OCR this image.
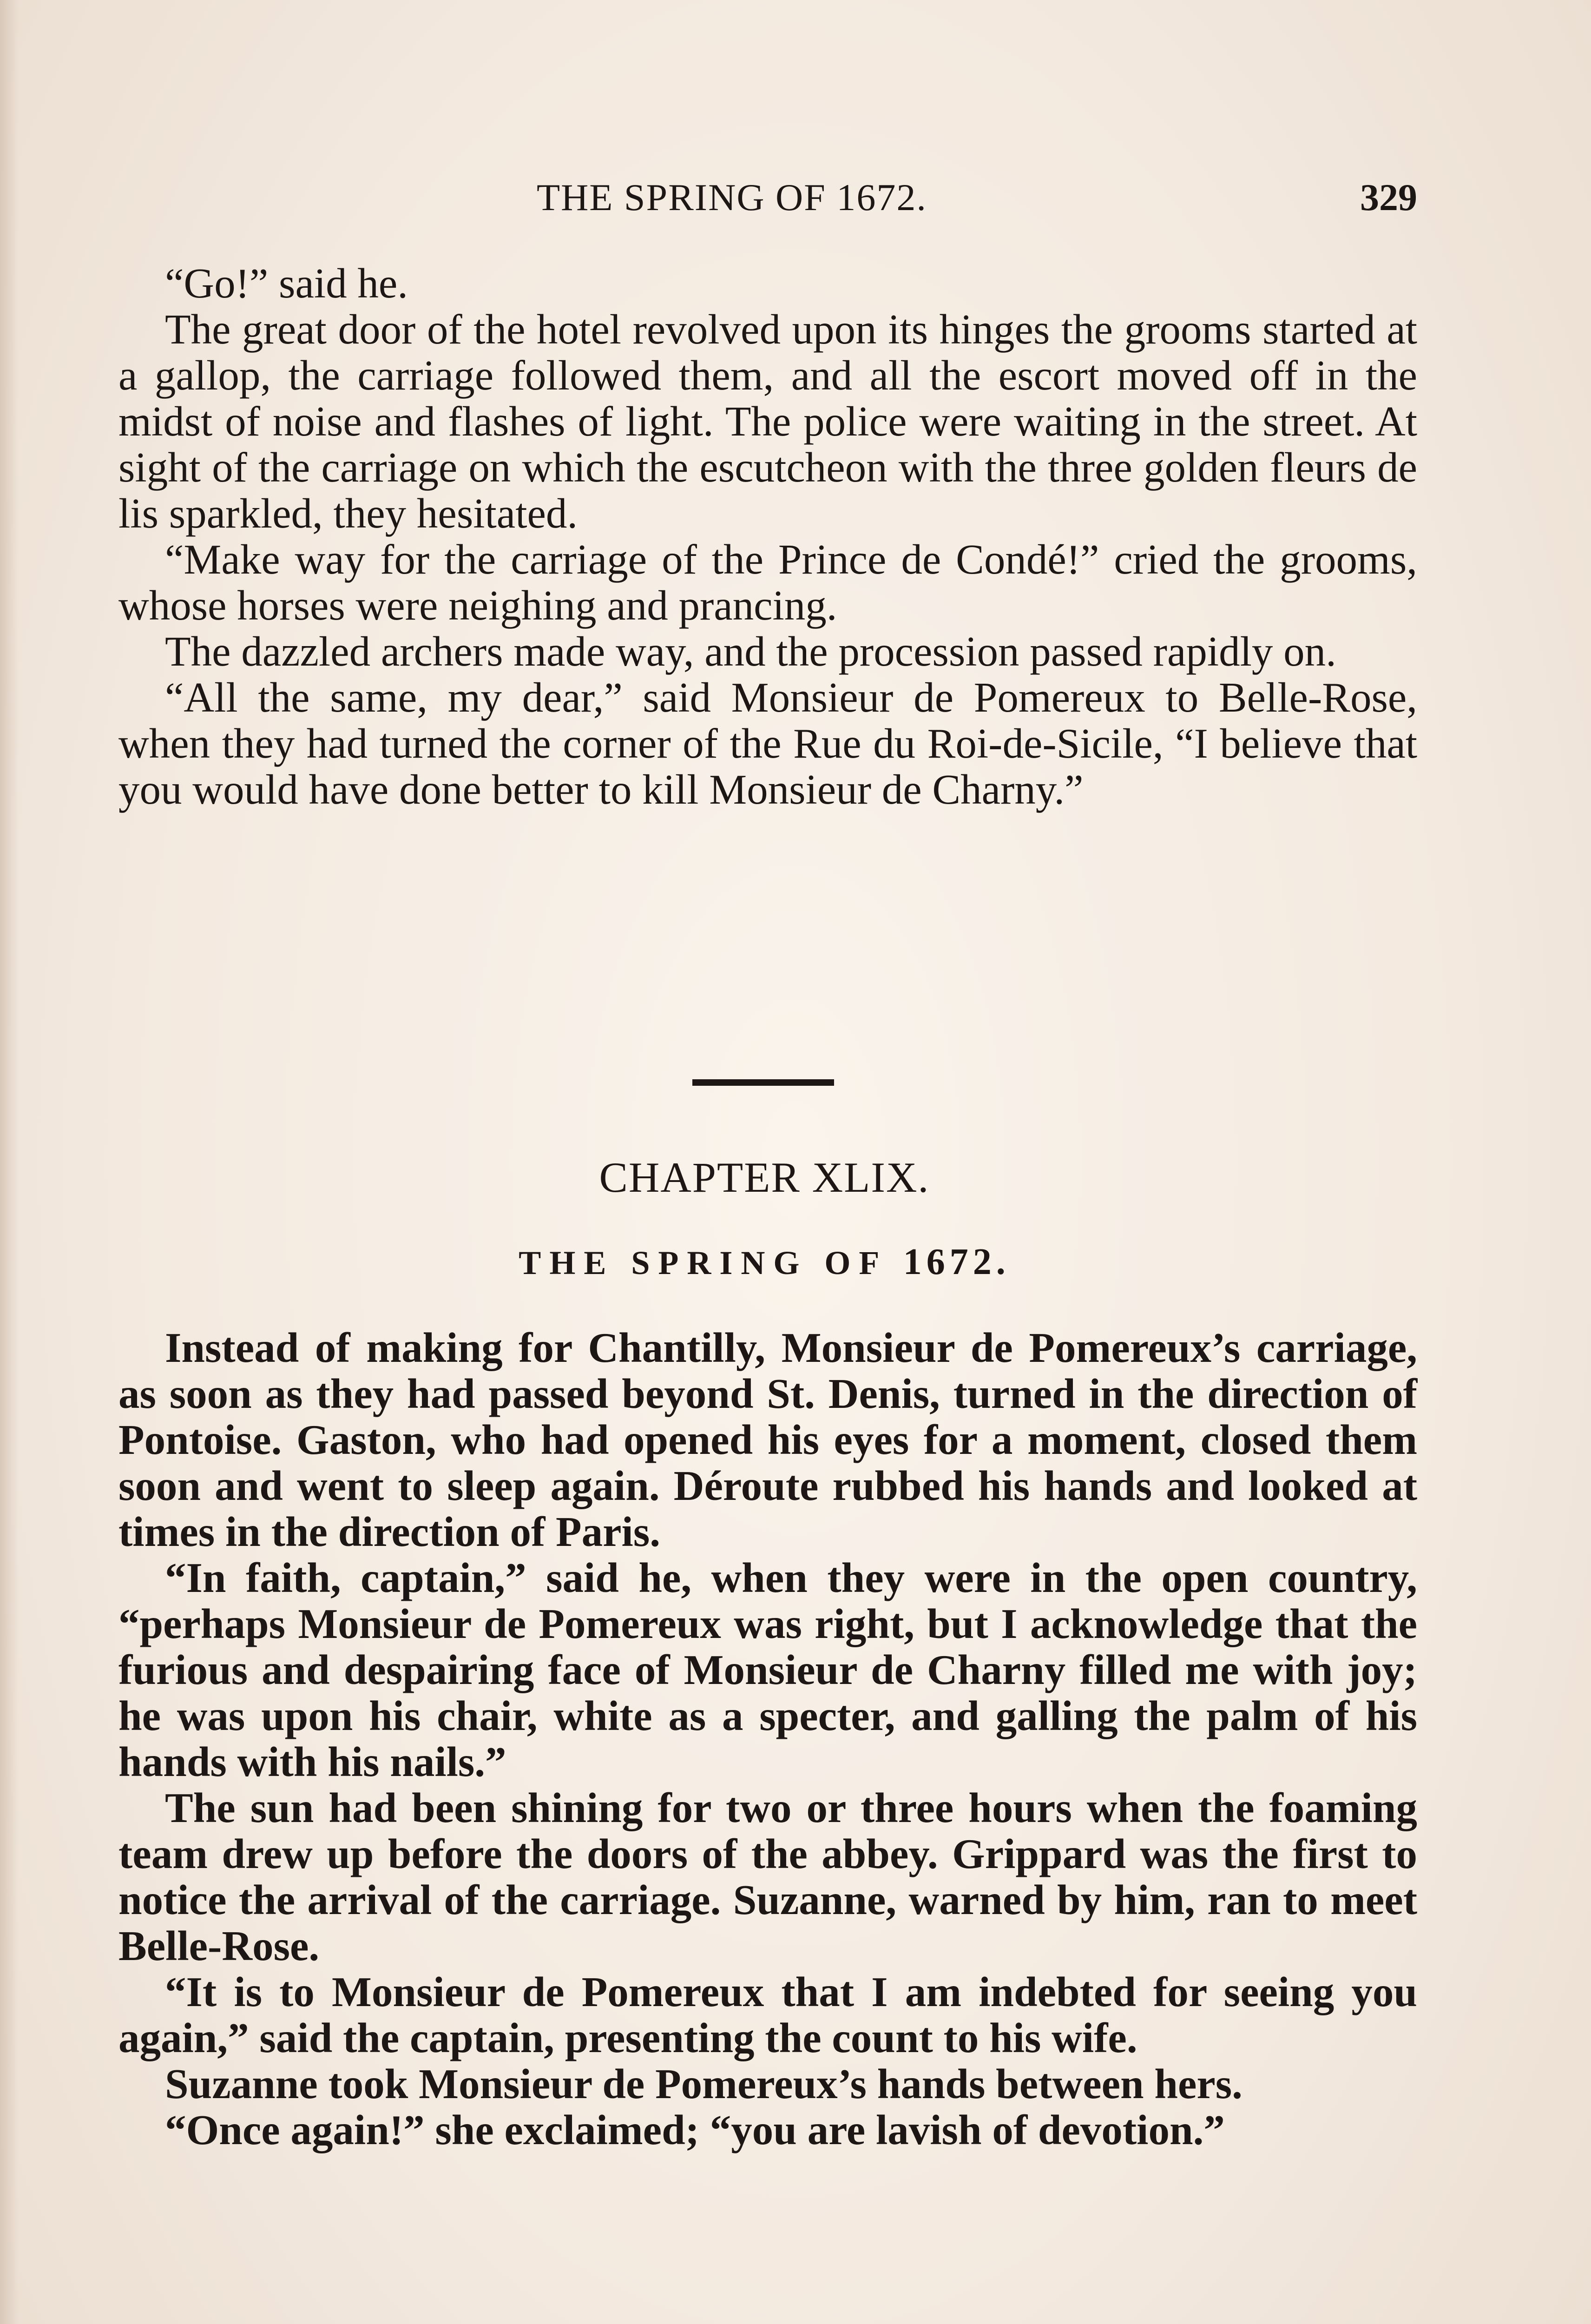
THE SPRING OF 1672.	329

“Go!” said he.

The great door of the hotel revolved upon its hinges the grooms started at a gallop, the carriage followed them, and all the escort moved off in the midst of noise and flashes of light. The police were waiting in the street. At sight of the carriage on which the escutcheon with the three golden fleurs de lis sparkled, they hesitated.

“Make way for the carriage of the Prince de Condé!” cried the grooms, whose horses were neighing and prancing.

The dazzled archers made way, and the procession passed rapidly on.

“All the same, my dear,” said Monsieur de Pomereux to Belle-Rose, when they had turned the corner of the Rue du Roi-de-Sicile, “I believe that you would have done better to kill Monsieur de Charny.”

CHAPTER XLIX.
THE SPRING OF 1672.

Instead of making for Chantilly, Monsieur de Pomereux’s carriage, as soon as they had passed beyond St. Denis, turned in the direction of Pontoise. Gaston, who had opened his eyes for a moment, closed them soon and went to sleep again. Déroute rubbed his hands and looked at times in the direction of Paris.

“In faith, captain,” said he, when they were in the open country, “perhaps Monsieur de Pomereux was right, but I acknowledge that the furious and despairing face of Monsieur de Charny filled me with joy; he was upon his chair, white as a specter, and galling the palm of his hands with his nails.”

The sun had been shining for two or three hours when the foaming team drew up before the doors of the abbey. Grippard was the first to notice the arrival of the carriage. Suzanne, warned by him, ran to meet Belle-Rose.

“It is to Monsieur de Pomereux that I am indebted for seeing you again,” said the captain, presenting the count to his wife.

Suzanne took Monsieur de Pomereux’s hands between hers.

“Once again!” she exclaimed; “you are lavish of devotion.”
